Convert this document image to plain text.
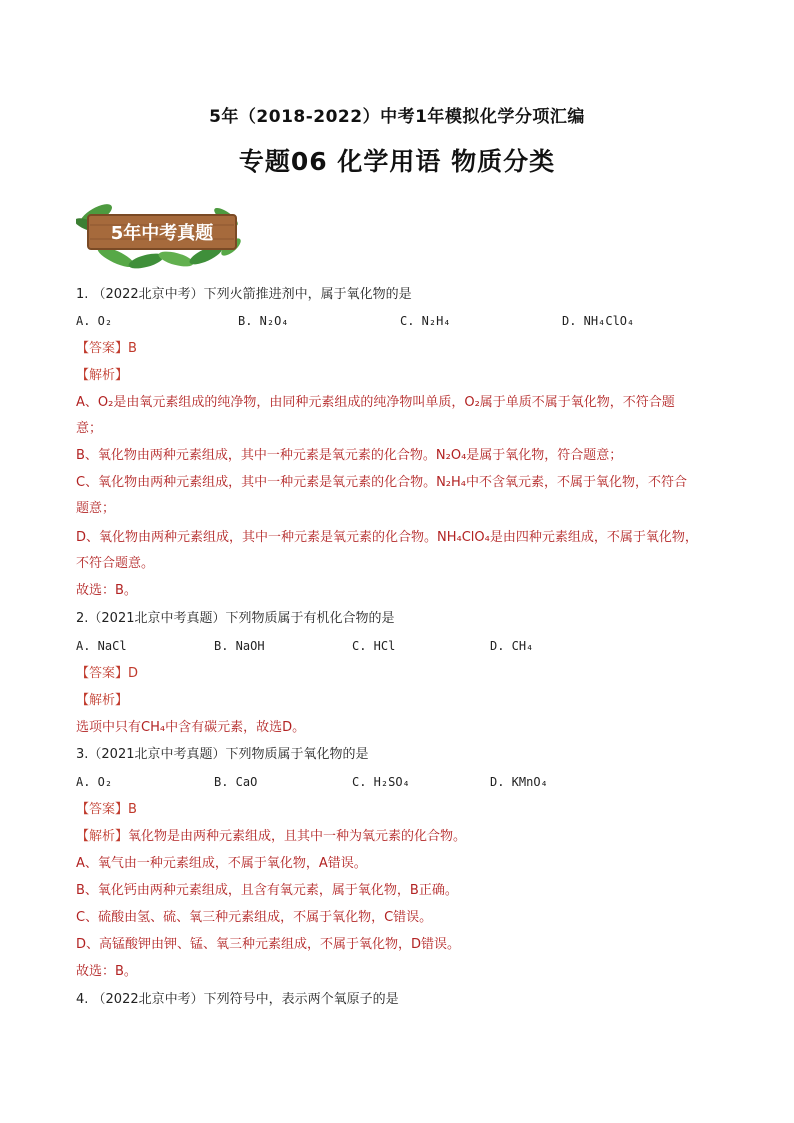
5年（2018-2022）中考1年模拟化学分项汇编
专题06 化学用语 物质分类
5年中考真题
1. （2022北京中考）下列火箭推进剂中，属于氧化物的是
A. O₂	B. N₂O₄	C. N₂H₄	D. NH₄ClO₄
【答案】B
【解析】
A、O₂是由氧元素组成的纯净物，由同种元素组成的纯净物叫单质，O₂属于单质不属于氧化物，不符合题
意；
B、氧化物由两种元素组成，其中一种元素是氧元素的化合物。N₂O₄是属于氧化物，符合题意；
C、氧化物由两种元素组成，其中一种元素是氧元素的化合物。N₂H₄中不含氧元素，不属于氧化物，不符合
题意；
D、氧化物由两种元素组成，其中一种元素是氧元素的化合物。NH₄ClO₄是由四种元素组成，不属于氧化物，
不符合题意。
故选：B。
2.（2021北京中考真题）下列物质属于有机化合物的是
A. NaCl	B. NaOH	C. HCl	D. CH₄
【答案】D
【解析】
选项中只有CH₄中含有碳元素，故选D。
3.（2021北京中考真题）下列物质属于氧化物的是
A. O₂	B. CaO	C. H₂SO₄	D. KMnO₄
【答案】B
【解析】氧化物是由两种元素组成，且其中一种为氧元素的化合物。
A、氧气由一种元素组成，不属于氧化物，A错误。
B、氧化钙由两种元素组成，且含有氧元素，属于氧化物，B正确。
C、硫酸由氢、硫、氧三种元素组成，不属于氧化物，C错误。
D、高锰酸钾由钾、锰、氧三种元素组成，不属于氧化物，D错误。
故选：B。
4. （2022北京中考）下列符号中，表示两个氧原子的是
